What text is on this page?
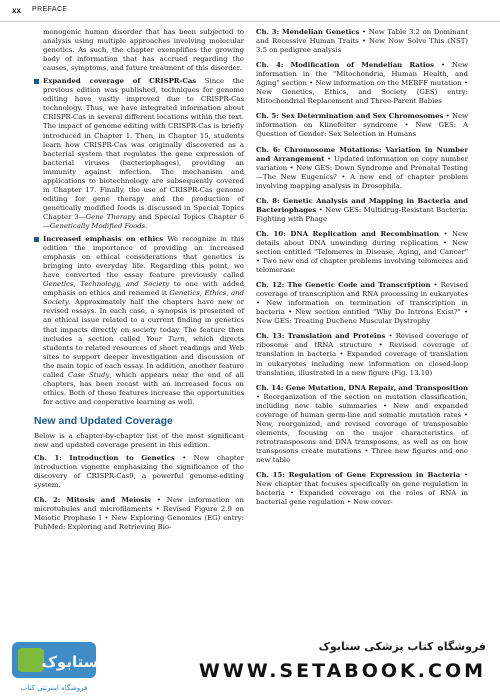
xx PREFACE

monogenic human disorder that has been subjected to analysis using multiple approaches involving molecular genetics. As such, the chapter exemplifies the growing body of information that has accrued regarding the causes, symptoms, and future treatment of this disorder.

Expanded coverage of CRISPR-Cas Since the previous edition was published, techniques for genome editing have vastly improved due to CRISPR-Cas technology. Thus, we have integrated information about CRISPR-Cas in several different locations within the text. The impact of genome editing with CRISPR-Cas is briefly introduced in Chapter 1. Then, in Chapter 15, students learn how CRISPR-Cas was originally discovered as a bacterial system that regulates the gene expression of bacterial viruses (bacteriophages), providing an immunity against infection. The mechanism and applications to biotechnology are subsequently covered in Chapter 17. Finally, the use of CRISPR-Cas genome editing for gene therapy and the production of genetically modified foods is discussed in Special Topics Chapter 3—Gene Therapy and Special Topics Chapter 6—Genetically Modified Foods.
Increased emphasis on ethics We recognize in this edition the importance of providing an increased emphasis on ethical considerations that genetics is bringing into everyday life. Regarding this point, we have converted the essay feature previously called Genetics, Technology, and Society to one with added emphasis on ethics and renamed it Genetics, Ethics, and Society. Approximately half the chapters have new or revised essays. In each case, a synopsis is presented of an ethical issue related to a current finding in genetics that impacts directly on society today. The feature then includes a section called Your Turn, which directs students to related resources of short readings and Web sites to support deeper investigation and discussion of the main topic of each essay. In addition, another feature called Case Study, which appears near the end of all chapters, has been recast with an increased focus on ethics. Both of these features increase the opportunities for active and cooperative learning as well.
New and Updated Coverage

Below is a chapter-by-chapter list of the most significant new and updated coverage present in this edition.

Ch. 1: Introduction to Genetics • New chapter introduction vignette emphasizing the significance of the discovery of CRISPR-Cas9, a powerful genome-editing system.
Ch. 2: Mitosis and Meiosis • New information on microtubules and microfilaments • Revised Figure 2.9 on Meiotic Prophase I • New Exploring Genomics (EG) entry: PubMed: Exploring and Retrieving Bio-
Ch. 3: Mendelian Genetics • New Table 3.2 on Dominant and Recessive Human Traits • New Now Solve This (NST) 3.5 on pedigree analysis
Ch. 4: Modification of Mendelian Ratios • New information in the "Mitochondria, Human Health, and Aging" section • New information on the MERFF mutation • New Genetics, Ethics, and Society (GES) entry: Mitochondrial Replacement and Three-Parent Babies
Ch. 5: Sex Determination and Sex Chromosomes • New information on Klinefelter syndrome • New GES: A Question of Gender: Sex Selection in Humans
Ch. 6: Chromosome Mutations: Variation in Number and Arrangement • Updated information on copy number variation • New GES: Down Syndrome and Prenatal Testing—The New Eugenics? • A new end of chapter problem involving mapping analysis in Drosophila.
Ch. 8: Genetic Analysis and Mapping in Bacteria and Bacteriophages • New GES: Multidrug-Resistant Bacteria: Fighting with Phage
Ch. 10: DNA Replication and Recombination • New details about DNA unwinding during replication • New section entitled "Telomeres in Disease, Aging, and Cancer" • Two new end of chapter problems involving telomeres and telomerase
Ch. 12: The Genetic Code and Transcription • Revised coverage of transcription and RNA processing in eukaryotes • New information on termination of transcription in bacteria • New section entitled "Why Do Introns Exist?" • New GES: Treating Duchene Muscular Dystrophy
Ch. 13: Translation and Proteins • Revised coverage of ribosome and tRNA structure • Revised coverage of translation in bacteria • Expanded coverage of translation in eukaryotes including new information on closed-loop translation, illustrated in a new figure (Fig. 13.10)
Ch. 14: Gene Mutation, DNA Repair, and Transposition • Reorganization of the section on mutation classification, including new table summaries • New and expanded coverage of human germ-line and somatic mutation rates • New, reorganized, and revised coverage of transposable elements, focusing on the major characteristics of retrotransposons and DNA transposons, as well as on how transposons create mutations • Three new figures and one new table
Ch. 15: Regulation of Gene Expression in Bacteria • New chapter that focuses specifically on gene regulation in bacteria • Expanded coverage on the roles of RNA in bacterial gene regulation • New cover-
ستابوک
فروشگاه اینترنتی کتاب
فروشگاه کتاب پزشکی ستابوک
WWW.SETABOOK.COM
